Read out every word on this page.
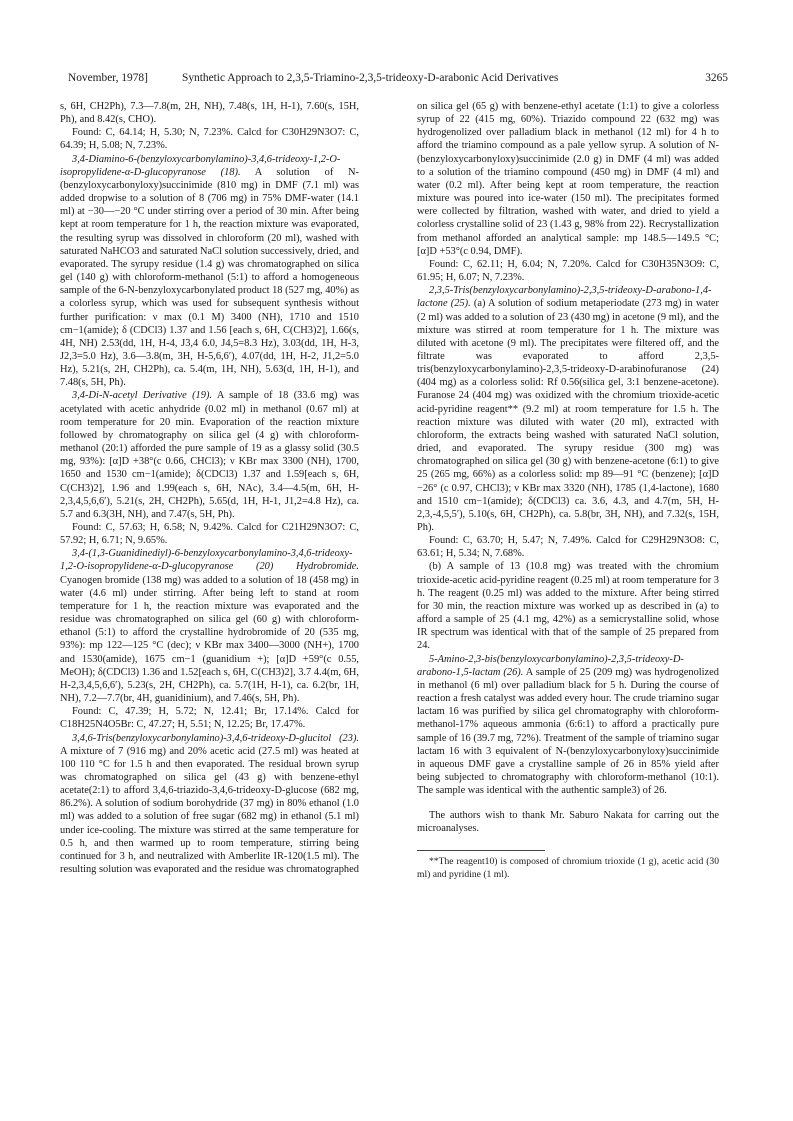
November, 1978]	Synthetic Approach to 2,3,5-Triamino-2,3,5-trideoxy-D-arabonic Acid Derivatives	3265

s, 6H, CH2Ph), 7.3—7.8(m, 2H, NH), 7.48(s, 1H, H-1), 7.60(s, 15H, Ph), and 8.42(s, CHO).

Found: C, 64.14; H, 5.30; N, 7.23%. Calcd for C30H29N3O7: C, 64.39; H, 5.08; N, 7.23%.

3,4-Diamino-6-(benzyloxycarbonylamino)-3,4,6-trideoxy-1,2-O-isopropylidene-α-D-glucopyranose (18). A solution of N-(benzyloxycarbonyloxy)succinimide (810 mg) in DMF (7.1 ml) was added dropwise to a solution of 8 (706 mg) in 75% DMF-water (14.1 ml) at −30—−20 °C under stirring over a period of 30 min. After being kept at room temperature for 1 h, the reaction mixture was evaporated, the resulting syrup was dissolved in chloroform (20 ml), washed with saturated NaHCO3 and saturated NaCl solution successively, dried, and evaporated. The syrupy residue (1.4 g) was chromatographed on silica gel (140 g) with chloroform-methanol (5:1) to afford a homogeneous sample of the 6-N-benzyloxycarbonylated product 18 (527 mg, 40%) as a colorless syrup, which was used for subsequent synthesis without further purification: ν max (0.1 M) 3400 (NH), 1710 and 1510 cm−1(amide); δ (CDCl3) 1.37 and 1.56 [each s, 6H, C(CH3)2], 1.66(s, 4H, NH) 2.53(dd, 1H, H-4, J3,4 6.0, J4,5=8.3 Hz), 3.03(dd, 1H, H-3, J2,3=5.0 Hz), 3.6—3.8(m, 3H, H-5,6,6′), 4.07(dd, 1H, H-2, J1,2=5.0 Hz), 5.21(s, 2H, CH2Ph), ca. 5.4(m, 1H, NH), 5.63(d, 1H, H-1), and 7.48(s, 5H, Ph).

3,4-Di-N-acetyl Derivative (19). A sample of 18 (33.6 mg) was acetylated with acetic anhydride (0.02 ml) in methanol (0.67 ml) at room temperature for 20 min. Evaporation of the reaction mixture followed by chromatography on silica gel (4 g) with chloroform-methanol (20:1) afforded the pure sample of 19 as a glassy solid (30.5 mg, 93%): [α]D +38°(c 0.66, CHCl3); ν KBr max 3300 (NH), 1700, 1650 and 1530 cm−1(amide); δ(CDCl3) 1.37 and 1.59[each s, 6H, C(CH3)2], 1.96 and 1.99(each s, 6H, NAc), 3.4—4.5(m, 6H, H-2,3,4,5,6,6′), 5.21(s, 2H, CH2Ph), 5.65(d, 1H, H-1, J1,2=4.8 Hz), ca. 5.7 and 6.3(3H, NH), and 7.47(s, 5H, Ph).

Found: C, 57.63; H, 6.58; N, 9.42%. Calcd for C21H29N3O7: C, 57.92; H, 6.71; N, 9.65%.

3,4-(1,3-Guanidinediyl)-6-benzyloxycarbonylamino-3,4,6-trideoxy-1,2-O-isopropylidene-α-D-glucopyranose (20) Hydrobromide. Cyanogen bromide (138 mg) was added to a solution of 18 (458 mg) in water (4.6 ml) under stirring. After being left to stand at room temperature for 1 h, the reaction mixture was evaporated and the residue was chromatographed on silica gel (60 g) with chloroform-ethanol (5:1) to afford the crystalline hydrobromide of 20 (535 mg, 93%): mp 122—125 °C (dec); ν KBr max 3400—3000 (NH+), 1700 and 1530(amide), 1675 cm−1 (guanidium +); [α]D +59°(c 0.55, MeOH); δ(CDCl3) 1.36 and 1.52[each s, 6H, C(CH3)2], 3.7 4.4(m, 6H, H-2,3,4,5,6,6′), 5.23(s, 2H, CH2Ph), ca. 5.7(1H, H-1), ca. 6.2(br, 1H, NH), 7.2—7.7(br, 4H, guanidinium), and 7.46(s, 5H, Ph).

Found: C, 47.39; H, 5.72; N, 12.41; Br, 17.14%. Calcd for C18H25N4O5Br: C, 47.27; H, 5.51; N, 12.25; Br, 17.47%.

3,4,6-Tris(benzyloxycarbonylamino)-3,4,6-trideoxy-D-glucitol (23). A mixture of 7 (916 mg) and 20% acetic acid (27.5 ml) was heated at 100 110 °C for 1.5 h and then evaporated. The residual brown syrup was chromatographed on silica gel (43 g) with benzene-ethyl acetate(2:1) to afford 3,4,6-triazido-3,4,6-trideoxy-D-glucose (682 mg, 86.2%). A solution of sodium borohydride (37 mg) in 80% ethanol (1.0 ml) was added to a solution of free sugar (682 mg) in ethanol (5.1 ml) under ice-cooling. The mixture was stirred at the same temperature for 0.5 h, and then warmed up to room temperature, stirring being continued for 3 h, and neutralized with Amberlite IR-120(1.5 ml). The resulting solution was evaporated and the residue was chromatographed

on silica gel (65 g) with benzene-ethyl acetate (1:1) to give a colorless syrup of 22 (415 mg, 60%). Triazido compound 22 (632 mg) was hydrogenolized over palladium black in methanol (12 ml) for 4 h to afford the triamino compound as a pale yellow syrup. A solution of N-(benzyloxycarbonyloxy)succinimide (2.0 g) in DMF (4 ml) was added to a solution of the triamino compound (450 mg) in DMF (4 ml) and water (0.2 ml). After being kept at room temperature, the reaction mixture was poured into ice-water (150 ml). The precipitates formed were collected by filtration, washed with water, and dried to yield a colorless crystalline solid of 23 (1.43 g, 98% from 22). Recrystallization from methanol afforded an analytical sample: mp 148.5—149.5 °C; [α]D +53°(c 0.94, DMF).

Found: C, 62.11; H, 6.04; N, 7.20%. Calcd for C30H35N3O9: C, 61.95; H, 6.07; N, 7.23%.

2,3,5-Tris(benzyloxycarbonylamino)-2,3,5-trideoxy-D-arabono-1,4-lactone (25). (a) A solution of sodium metaperiodate (273 mg) in water (2 ml) was added to a solution of 23 (430 mg) in acetone (9 ml), and the mixture was stirred at room temperature for 1 h. The mixture was diluted with acetone (9 ml). The precipitates were filtered off, and the filtrate was evaporated to afford 2,3,5-tris(benzyloxycarbonylamino)-2,3,5-trideoxy-D-arabinofuranose (24) (404 mg) as a colorless solid: Rf 0.56(silica gel, 3:1 benzene-acetone). Furanose 24 (404 mg) was oxidized with the chromium trioxide-acetic acid-pyridine reagent** (9.2 ml) at room temperature for 1.5 h. The reaction mixture was diluted with water (20 ml), extracted with chloroform, the extracts being washed with saturated NaCl solution, dried, and evaporated. The syrupy residue (300 mg) was chromatographed on silica gel (30 g) with benzene-acetone (6:1) to give 25 (265 mg, 66%) as a colorless solid: mp 89—91 °C (benzene); [α]D −26° (c 0.97, CHCl3); ν KBr max 3320 (NH), 1785 (1,4-lactone), 1680 and 1510 cm−1(amide); δ(CDCl3) ca. 3.6, 4.3, and 4.7(m, 5H, H-2,3,-4,5,5′), 5.10(s, 6H, CH2Ph), ca. 5.8(br, 3H, NH), and 7.32(s, 15H, Ph).

Found: C, 63.70; H, 5.47; N, 7.49%. Calcd for C29H29N3O8: C, 63.61; H, 5.34; N, 7.68%.

(b) A sample of 13 (10.8 mg) was treated with the chromium trioxide-acetic acid-pyridine reagent (0.25 ml) at room temperature for 3 h. The reagent (0.25 ml) was added to the mixture. After being stirred for 30 min, the reaction mixture was worked up as described in (a) to afford a sample of 25 (4.1 mg, 42%) as a semicrystalline solid, whose IR spectrum was identical with that of the sample of 25 prepared from 24.

5-Amino-2,3-bis(benzyloxycarbonylamino)-2,3,5-trideoxy-D-arabono-1,5-lactam (26). A sample of 25 (209 mg) was hydrogenolized in methanol (6 ml) over palladium black for 5 h. During the course of reaction a fresh catalyst was added every hour. The crude triamino sugar lactam 16 was purified by silica gel chromatography with chloroform-methanol-17% aqueous ammonia (6:6:1) to afford a practically pure sample of 16 (39.7 mg, 72%). Treatment of the sample of triamino sugar lactam 16 with 3 equivalent of N-(benzyloxycarbonyloxy)succinimide in aqueous DMF gave a crystalline sample of 26 in 85% yield after being subjected to chromatography with chloroform-methanol (10:1). The sample was identical with the authentic sample3) of 26.

The authors wish to thank Mr. Saburo Nakata for carring out the microanalyses.

**The reagent10) is composed of chromium trioxide (1 g), acetic acid (30 ml) and pyridine (1 ml).
